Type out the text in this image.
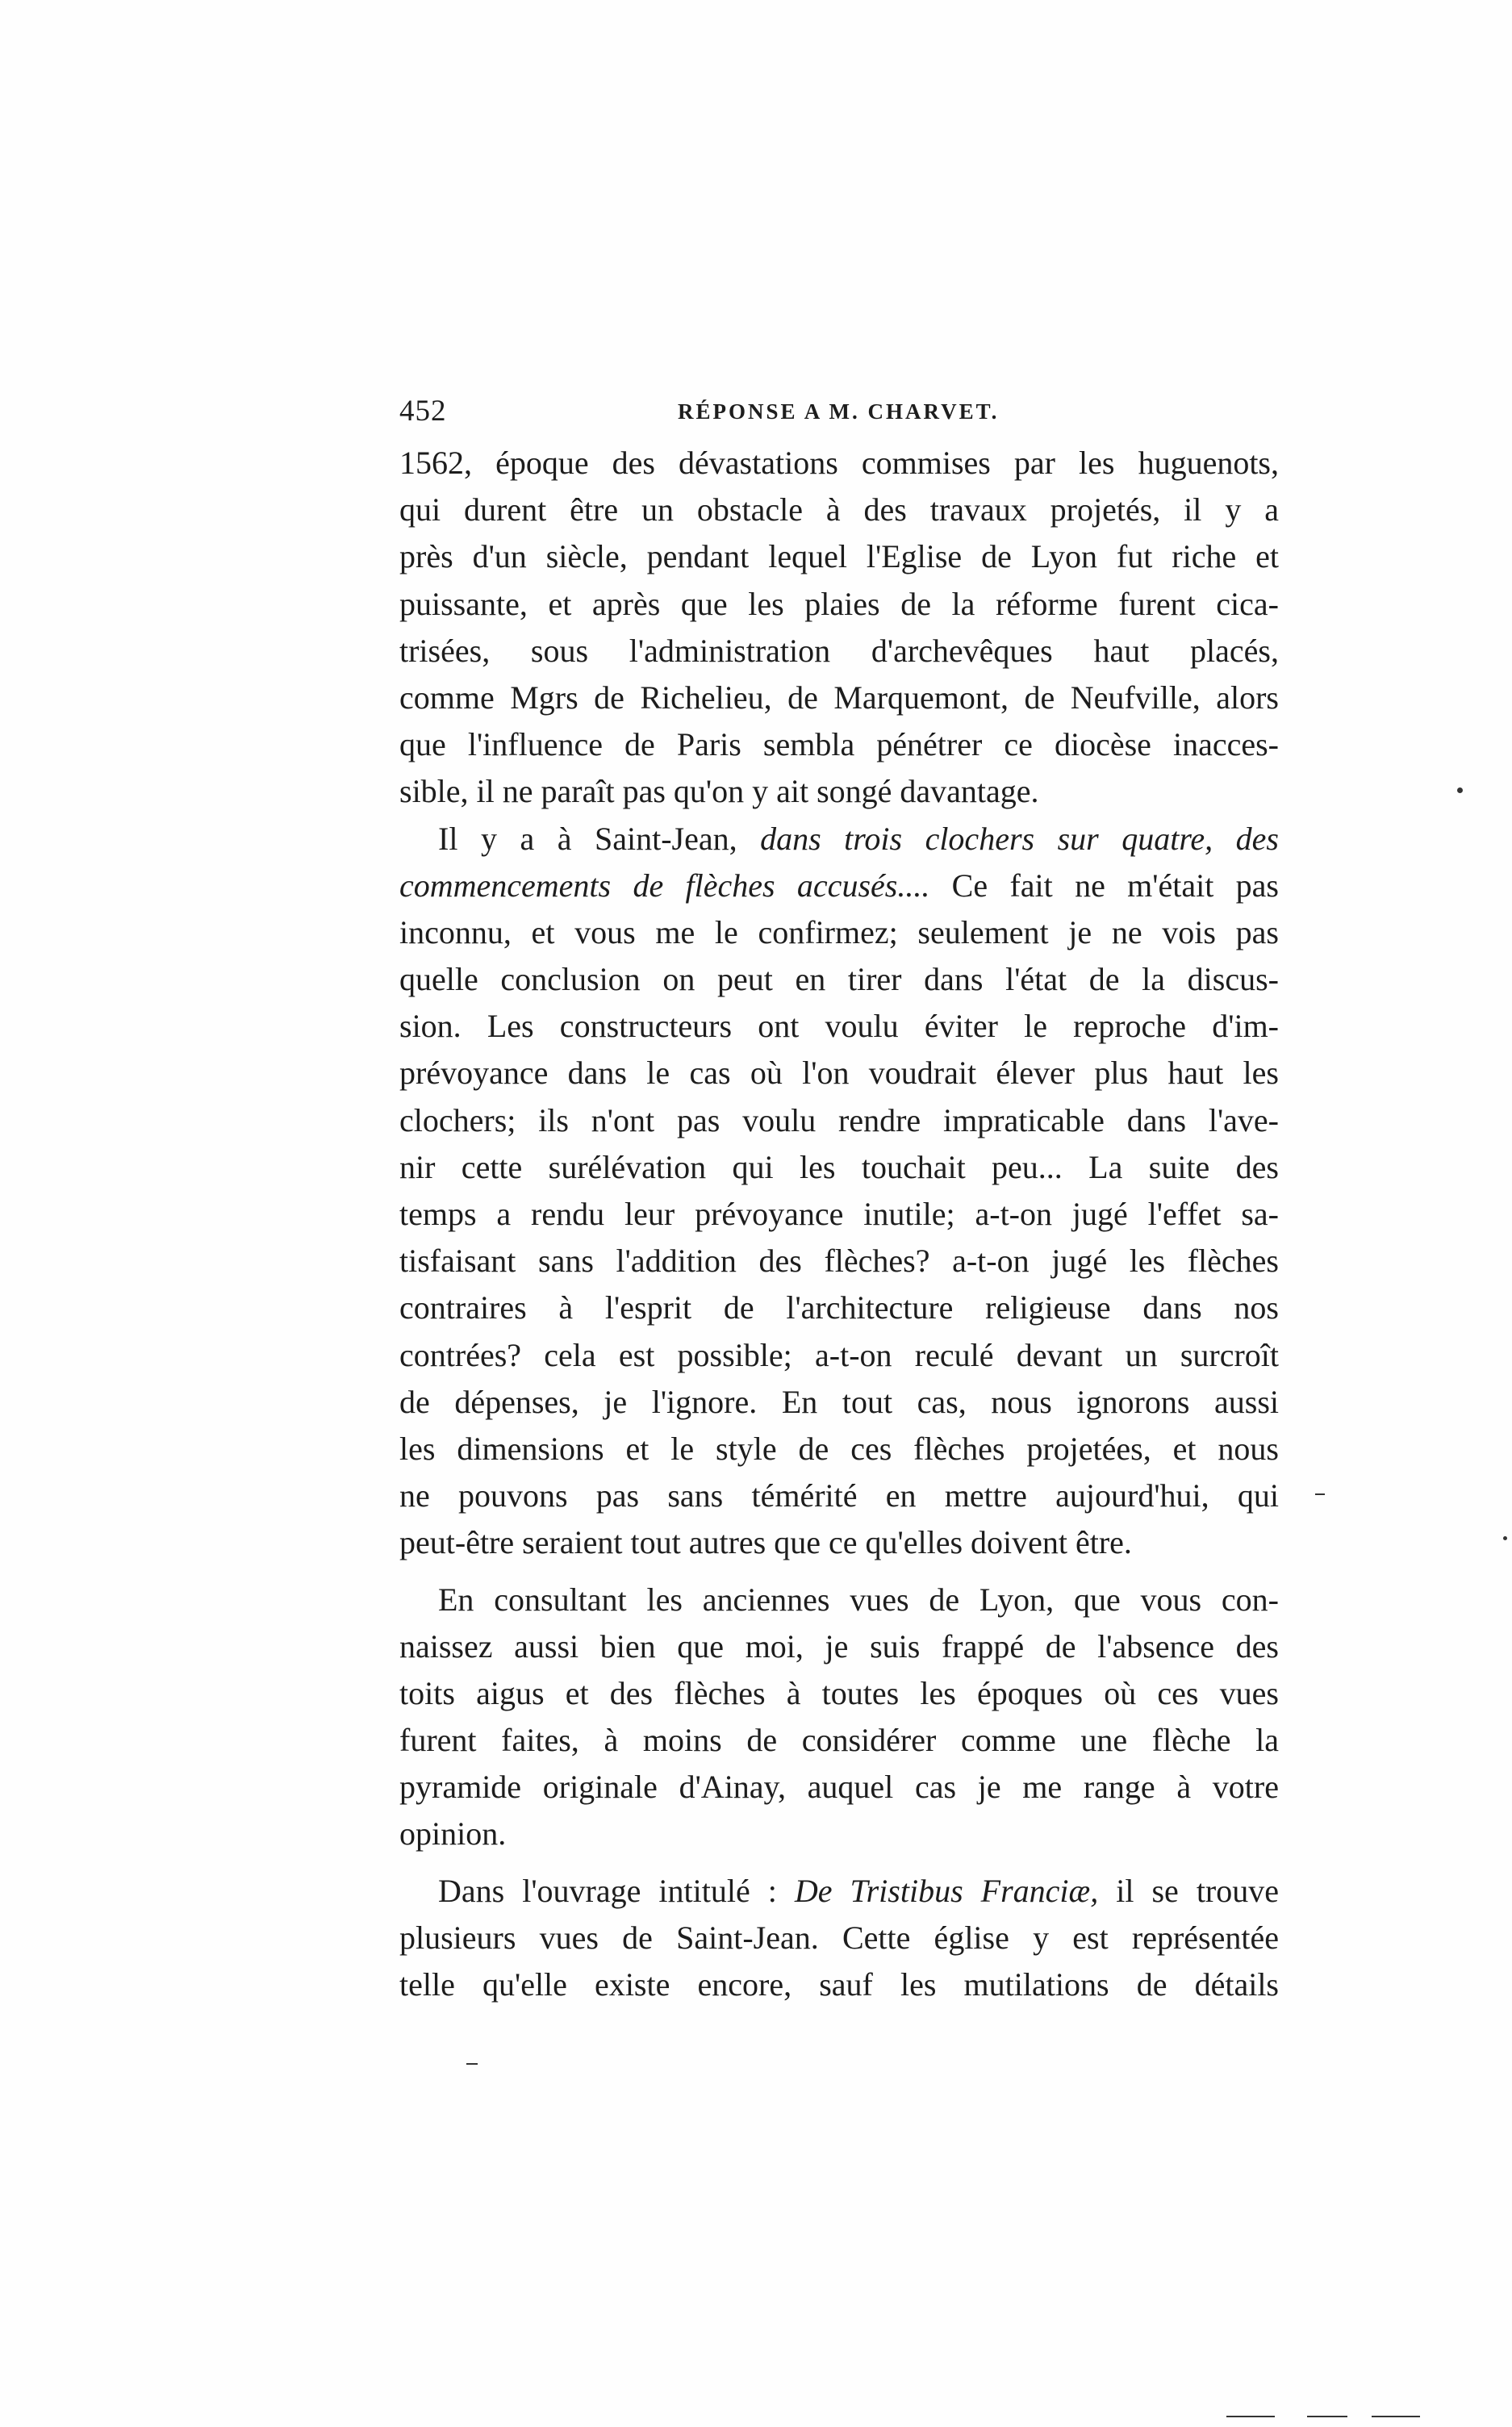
452	RÉPONSE A M. CHARVET.
1562, époque des dévastations commises par les huguenots,
qui durent être un obstacle à des travaux projetés, il y a
près d'un siècle, pendant lequel l'Eglise de Lyon fut riche et
puissante, et après que les plaies de la réforme furent cica-
trisées, sous l'administration d'archevêques haut placés,
comme Mgrs de Richelieu, de Marquemont, de Neufville, alors
que l'influence de Paris sembla pénétrer ce diocèse inacces-
sible, il ne paraît pas qu'on y ait songé davantage.
Il y a à Saint-Jean, dans trois clochers sur quatre, des
commencements de flèches accusés.... Ce fait ne m'était pas
inconnu, et vous me le confirmez; seulement je ne vois pas
quelle conclusion on peut en tirer dans l'état de la discus-
sion. Les constructeurs ont voulu éviter le reproche d'im-
prévoyance dans le cas où l'on voudrait élever plus haut les
clochers; ils n'ont pas voulu rendre impraticable dans l'ave-
nir cette surélévation qui les touchait peu... La suite des
temps a rendu leur prévoyance inutile; a-t-on jugé l'effet sa-
tisfaisant sans l'addition des flèches? a-t-on jugé les flèches
contraires à l'esprit de l'architecture religieuse dans nos
contrées? cela est possible; a-t-on reculé devant un surcroît
de dépenses, je l'ignore. En tout cas, nous ignorons aussi
les dimensions et le style de ces flèches projetées, et nous
ne pouvons pas sans témérité en mettre aujourd'hui, qui
peut-être seraient tout autres que ce qu'elles doivent être.
En consultant les anciennes vues de Lyon, que vous con-
naissez aussi bien que moi, je suis frappé de l'absence des
toits aigus et des flèches à toutes les époques où ces vues
furent faites, à moins de considérer comme une flèche la
pyramide originale d'Ainay, auquel cas je me range à votre
opinion.
Dans l'ouvrage intitulé : De Tristibus Franciæ, il se trouve
plusieurs vues de Saint-Jean. Cette église y est représentée
telle qu'elle existe encore, sauf les mutilations de détails
